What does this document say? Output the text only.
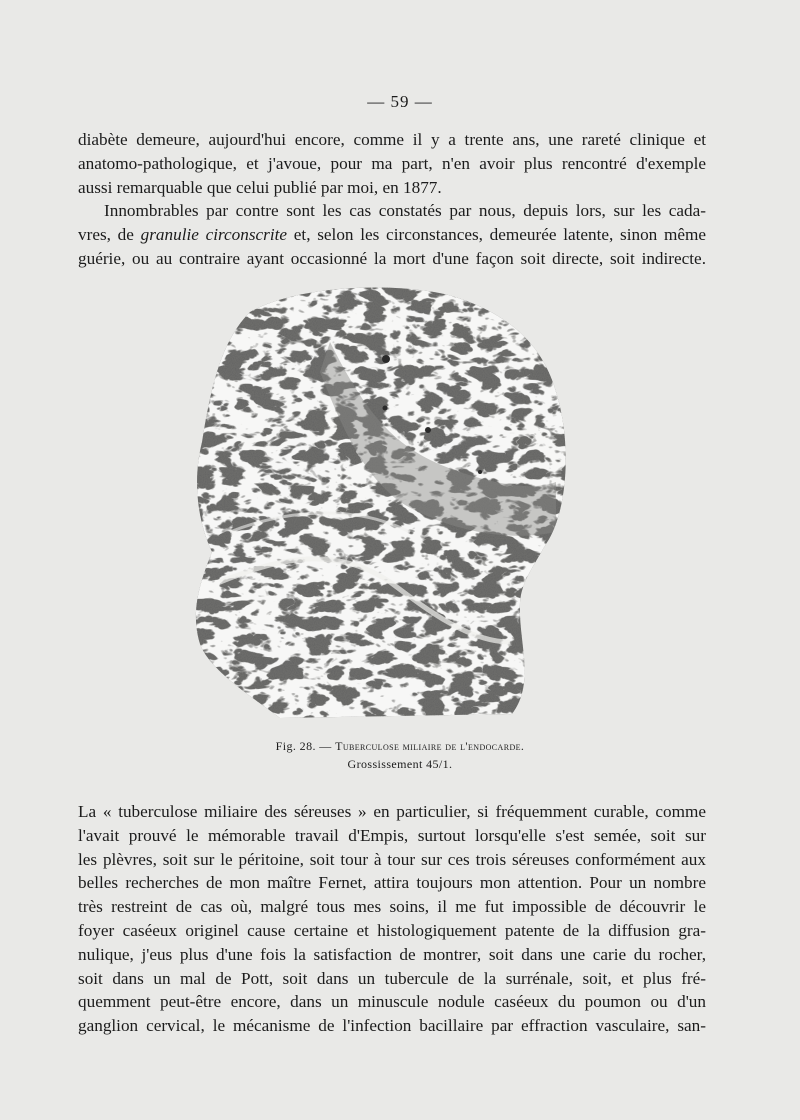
— 59 —

diabète demeure, aujourd'hui encore, comme il y a trente ans, une rareté clinique et
anatomo-pathologique, et j'avoue, pour ma part, n'en avoir plus rencontré d'exemple
aussi remarquable que celui publié par moi, en 1877.

Innombrables par contre sont les cas constatés par nous, depuis lors, sur les cada-
vres, de granulie circonscrite et, selon les circonstances, demeurée latente, sinon même
guérie, ou au contraire ayant occasionné la mort d'une façon soit directe, soit indirecte.

Fig. 28. — Tuberculose miliaire de l'endocarde.
Grossissement 45/1.

La « tuberculose miliaire des séreuses » en particulier, si fréquemment curable, comme
l'avait prouvé le mémorable travail d'Empis, surtout lorsqu'elle s'est semée, soit sur
les plèvres, soit sur le péritoine, soit tour à tour sur ces trois séreuses conformément aux
belles recherches de mon maître Fernet, attira toujours mon attention. Pour un nombre
très restreint de cas où, malgré tous mes soins, il me fut impossible de découvrir le
foyer caséeux originel cause certaine et histologiquement patente de la diffusion gra-
nulique, j'eus plus d'une fois la satisfaction de montrer, soit dans une carie du rocher,
soit dans un mal de Pott, soit dans un tubercule de la surrénale, soit, et plus fré-
quemment peut-être encore, dans un minuscule nodule caséeux du poumon ou d'un
ganglion cervical, le mécanisme de l'infection bacillaire par effraction vasculaire, san-
